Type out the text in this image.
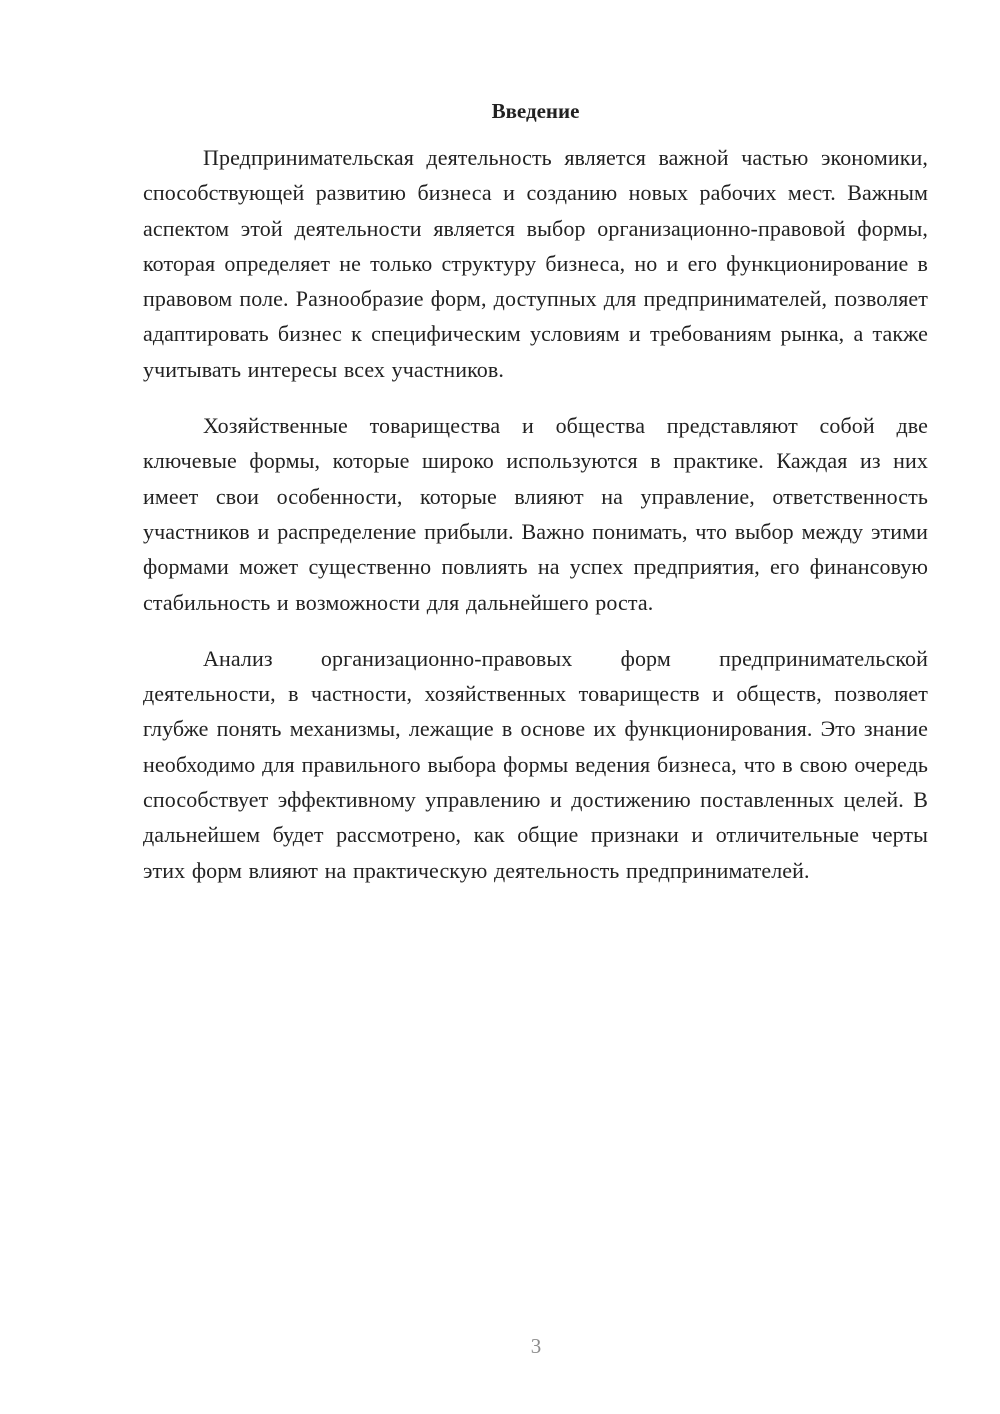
Введение

Предпринимательская деятельность является важной частью экономики, способствующей развитию бизнеса и созданию новых рабочих мест. Важным аспектом этой деятельности является выбор организационно-правовой формы, которая определяет не только структуру бизнеса, но и его функционирование в правовом поле. Разнообразие форм, доступных для предпринимателей, позволяет адаптировать бизнес к специфическим условиям и требованиям рынка, а также учитывать интересы всех участников.

Хозяйственные товарищества и общества представляют собой две ключевые формы, которые широко используются в практике. Каждая из них имеет свои особенности, которые влияют на управление, ответственность участников и распределение прибыли. Важно понимать, что выбор между этими формами может существенно повлиять на успех предприятия, его финансовую стабильность и возможности для дальнейшего роста.

Анализ организационно-правовых форм предпринимательской деятельности, в частности, хозяйственных товариществ и обществ, позволяет глубже понять механизмы, лежащие в основе их функционирования. Это знание необходимо для правильного выбора формы ведения бизнеса, что в свою очередь способствует эффективному управлению и достижению поставленных целей. В дальнейшем будет рассмотрено, как общие признаки и отличительные черты этих форм влияют на практическую деятельность предпринимателей.

3
